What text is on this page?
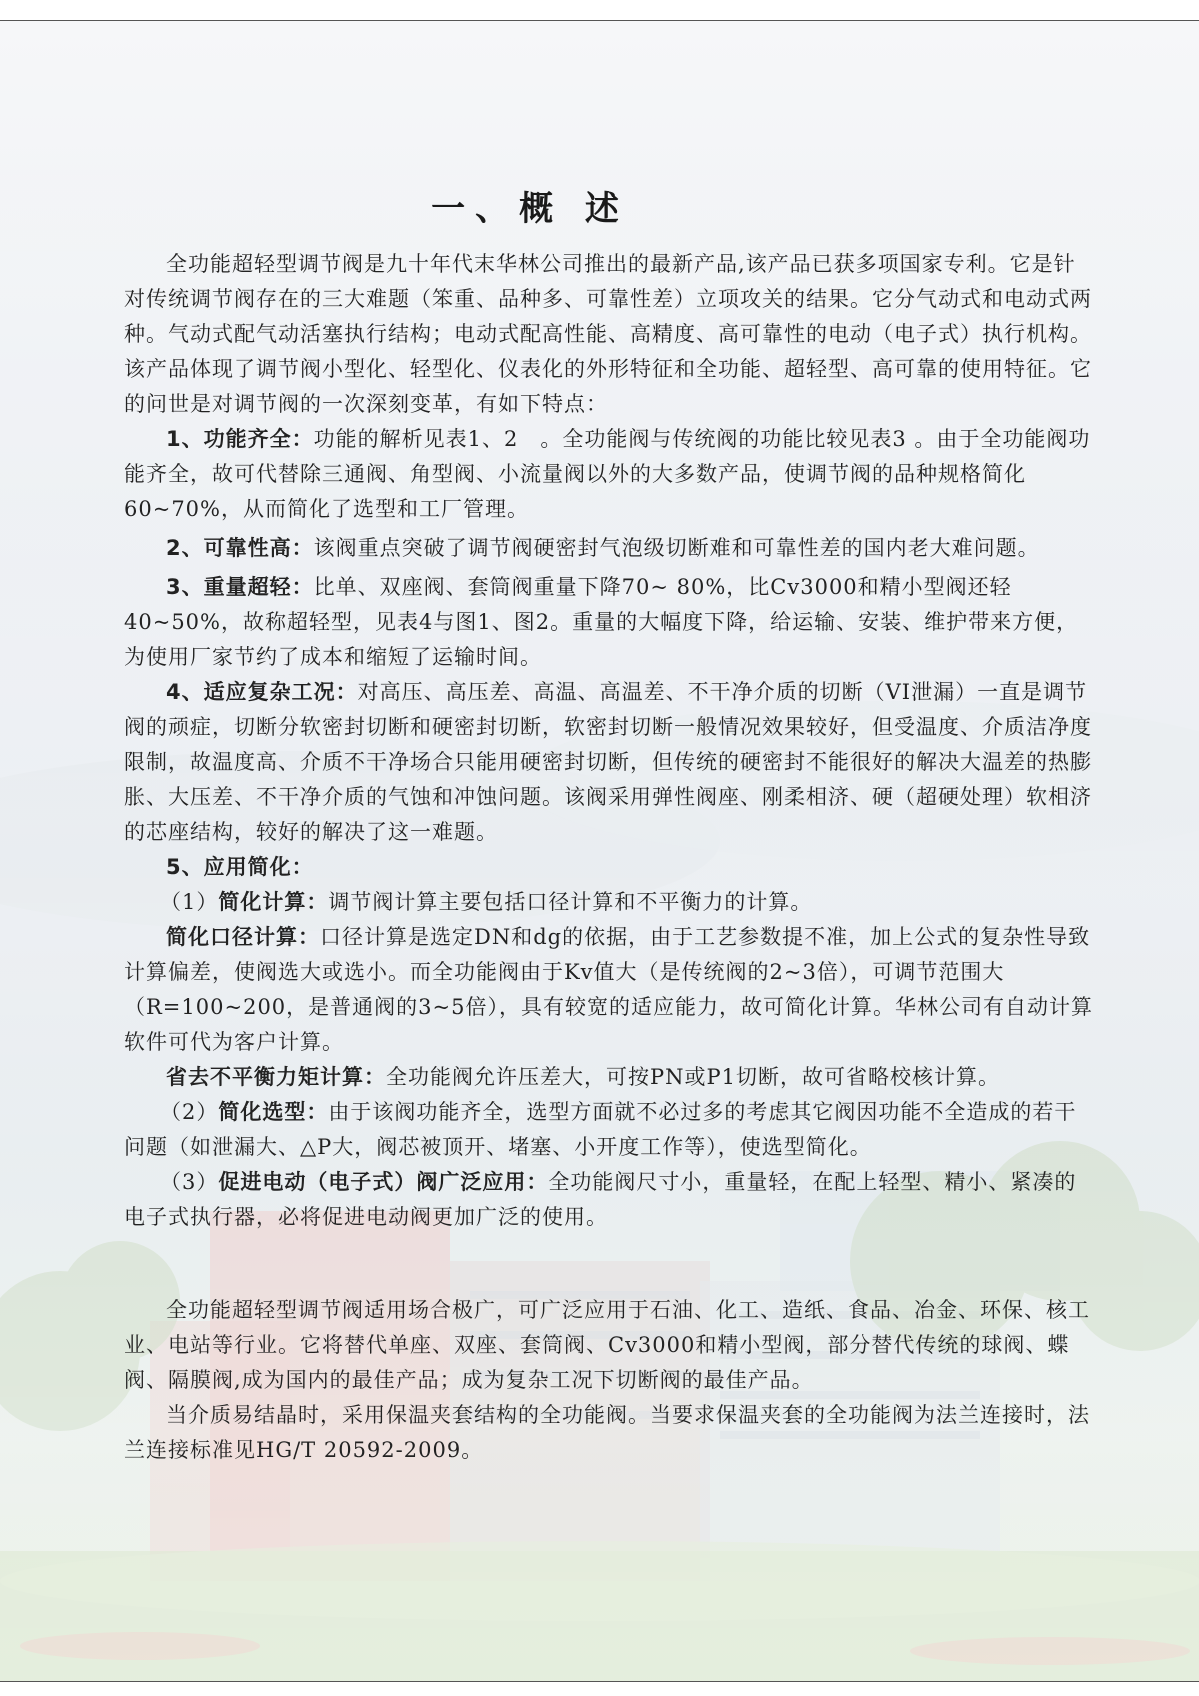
一、概 述

全功能超轻型调节阀是九十年代末华林公司推出的最新产品,该产品已获多项国家专利。它是针对传统调节阀存在的三大难题（笨重、品种多、可靠性差）立项攻关的结果。它分气动式和电动式两种。气动式配气动活塞执行结构；电动式配高性能、高精度、高可靠性的电动（电子式）执行机构。该产品体现了调节阀小型化、轻型化、仪表化的外形特征和全功能、超轻型、高可靠的使用特征。它的问世是对调节阀的一次深刻变革，有如下特点：

1、功能齐全：功能的解析见表1、2　。全功能阀与传统阀的功能比较见表3 。由于全功能阀功能齐全，故可代替除三通阀、角型阀、小流量阀以外的大多数产品，使调节阀的品种规格简化60~70%，从而简化了选型和工厂管理。

2、可靠性高：该阀重点突破了调节阀硬密封气泡级切断难和可靠性差的国内老大难问题。

3、重量超轻：比单、双座阀、套筒阀重量下降70~ 80%，比Cv3000和精小型阀还轻40~50%，故称超轻型，见表4与图1、图2。重量的大幅度下降，给运输、安装、维护带来方便，为使用厂家节约了成本和缩短了运输时间。

4、适应复杂工况：对高压、高压差、高温、高温差、不干净介质的切断（VI泄漏）一直是调节阀的顽症，切断分软密封切断和硬密封切断，软密封切断一般情况效果较好，但受温度、介质洁净度限制，故温度高、介质不干净场合只能用硬密封切断，但传统的硬密封不能很好的解决大温差的热膨胀、大压差、不干净介质的气蚀和冲蚀问题。该阀采用弹性阀座、刚柔相济、硬（超硬处理）软相济的芯座结构，较好的解决了这一难题。

5、应用简化：

（1）简化计算：调节阀计算主要包括口径计算和不平衡力的计算。

简化口径计算：口径计算是选定DN和dg的依据，由于工艺参数提不准，加上公式的复杂性导致计算偏差，使阀选大或选小。而全功能阀由于Kv值大（是传统阀的2~3倍），可调节范围大（R=100~200，是普通阀的3~5倍），具有较宽的适应能力，故可简化计算。华林公司有自动计算软件可代为客户计算。

省去不平衡力矩计算：全功能阀允许压差大，可按PN或P1切断，故可省略校核计算。

（2）简化选型：由于该阀功能齐全，选型方面就不必过多的考虑其它阀因功能不全造成的若干问题（如泄漏大、△P大，阀芯被顶开、堵塞、小开度工作等），使选型简化。

（3）促进电动（电子式）阀广泛应用：全功能阀尺寸小，重量轻，在配上轻型、精小、紧凑的电子式执行器，必将促进电动阀更加广泛的使用。

全功能超轻型调节阀适用场合极广，可广泛应用于石油、化工、造纸、食品、冶金、环保、核工业、电站等行业。它将替代单座、双座、套筒阀、Cv3000和精小型阀，部分替代传统的球阀、蝶阀、隔膜阀,成为国内的最佳产品；成为复杂工况下切断阀的最佳产品。

当介质易结晶时，采用保温夹套结构的全功能阀。当要求保温夹套的全功能阀为法兰连接时，法兰连接标准见HG/T 20592-2009。
